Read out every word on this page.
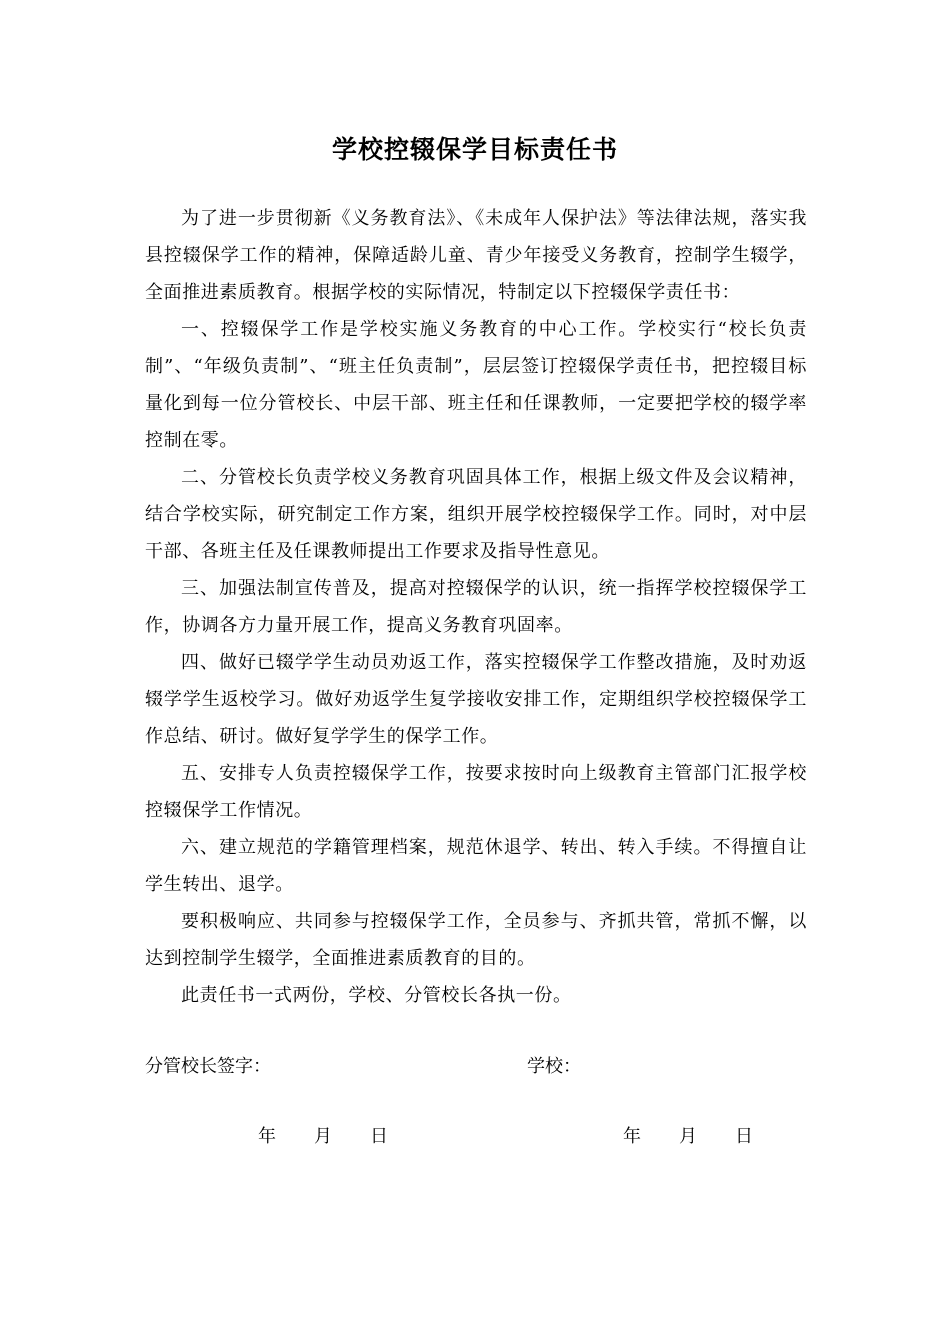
学校控辍保学目标责任书

为了进一步贯彻新《义务教育法》、《未成年人保护法》等法律法规，落实我县控辍保学工作的精神，保障适龄儿童、青少年接受义务教育，控制学生辍学，全面推进素质教育。根据学校的实际情况，特制定以下控辍保学责任书：

一、控辍保学工作是学校实施义务教育的中心工作。学校实行“校长负责制”、“年级负责制”、“班主任负责制”，层层签订控辍保学责任书，把控辍目标量化到每一位分管校长、中层干部、班主任和任课教师，一定要把学校的辍学率控制在零。

二、分管校长负责学校义务教育巩固具体工作，根据上级文件及会议精神，结合学校实际，研究制定工作方案，组织开展学校控辍保学工作。同时，对中层干部、各班主任及任课教师提出工作要求及指导性意见。

三、加强法制宣传普及，提高对控辍保学的认识，统一指挥学校控辍保学工作，协调各方力量开展工作，提高义务教育巩固率。

四、做好已辍学学生动员劝返工作，落实控辍保学工作整改措施，及时劝返辍学学生返校学习。做好劝返学生复学接收安排工作，定期组织学校控辍保学工作总结、研讨。做好复学学生的保学工作。

五、安排专人负责控辍保学工作，按要求按时向上级教育主管部门汇报学校控辍保学工作情况。

六、建立规范的学籍管理档案，规范休退学、转出、转入手续。不得擅自让学生转出、退学。

要积极响应、共同参与控辍保学工作，全员参与、齐抓共管，常抓不懈，以达到控制学生辍学，全面推进素质教育的目的。

此责任书一式两份，学校、分管校长各执一份。

分管校长签字：	学校：
年 月 日	年 月 日
